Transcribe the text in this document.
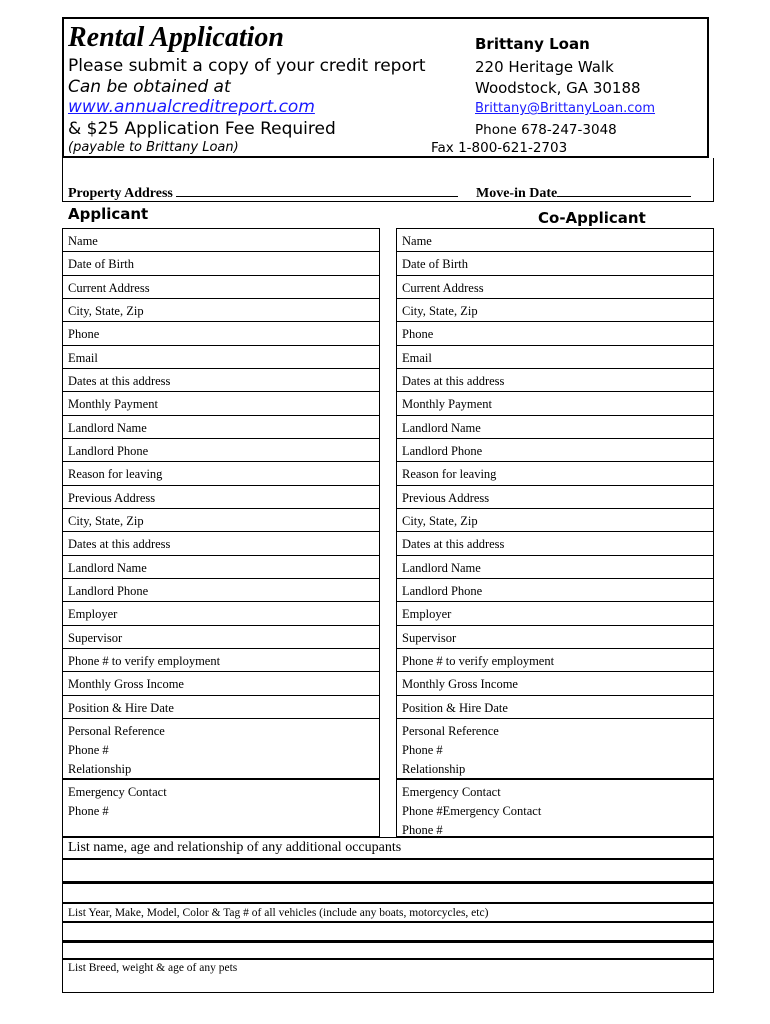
Rental Application
Please submit a copy of your credit report
Can be obtained at
www.annualcreditreport.com
& $25 Application Fee Required
(payable to Brittany Loan)
Brittany Loan
220 Heritage Walk
Woodstock, GA 30188
Brittany@BrittanyLoan.com
Phone 678-247-3048
Fax 1-800-621-2703
Property Address	Move-in Date
Applicant	Co-Applicant
Name
Date of Birth
Current Address
City, State, Zip
Phone
Email
Dates at this address
Monthly Payment
Landlord Name
Landlord Phone
Reason for leaving
Previous Address
City, State, Zip
Dates at this address
Landlord Name
Landlord Phone
Employer
Supervisor
Phone # to verify employment
Monthly Gross Income
Position & Hire Date
Personal Reference
Phone #
Relationship
Emergency Contact
Phone #
Name
Date of Birth
Current Address
City, State, Zip
Phone
Email
Dates at this address
Monthly Payment
Landlord Name
Landlord Phone
Reason for leaving
Previous Address
City, State, Zip
Dates at this address
Landlord Name
Landlord Phone
Employer
Supervisor
Phone # to verify employment
Monthly Gross Income
Position & Hire Date
Personal Reference
Phone #
Relationship
Emergency Contact
Phone #Emergency Contact
Phone #
List name, age and relationship of any additional occupants
List Year, Make, Model, Color & Tag # of all vehicles (include any boats, motorcycles, etc)
List Breed, weight & age of any pets
